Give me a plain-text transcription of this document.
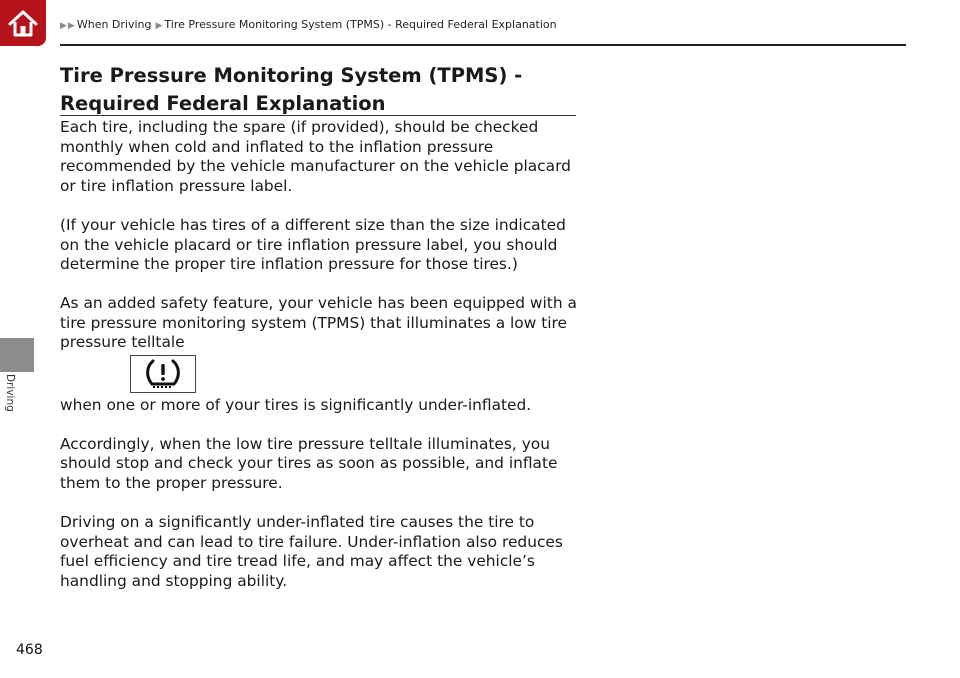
▶▶ When Driving ▶ Tire Pressure Monitoring System (TPMS) - Required Federal Explanation
Driving
468
Tire Pressure Monitoring System (TPMS) - Required Federal Explanation

Each tire, including the spare (if provided), should be checked monthly when cold and inflated to the inflation pressure recommended by the vehicle manufacturer on the vehicle placard or tire inflation pressure label.

(If your vehicle has tires of a different size than the size indicated on the vehicle placard or tire inflation pressure label, you should determine the proper tire inflation pressure for those tires.)

As an added safety feature, your vehicle has been equipped with a tire pressure monitoring system (TPMS) that illuminates a low tire pressure telltale

when one or more of your tires is significantly under-inflated.

Accordingly, when the low tire pressure telltale illuminates, you should stop and check your tires as soon as possible, and inflate them to the proper pressure.

Driving on a significantly under-inflated tire causes the tire to overheat and can lead to tire failure. Under-inflation also reduces fuel efficiency and tire tread life, and may affect the vehicle’s handling and stopping ability.
